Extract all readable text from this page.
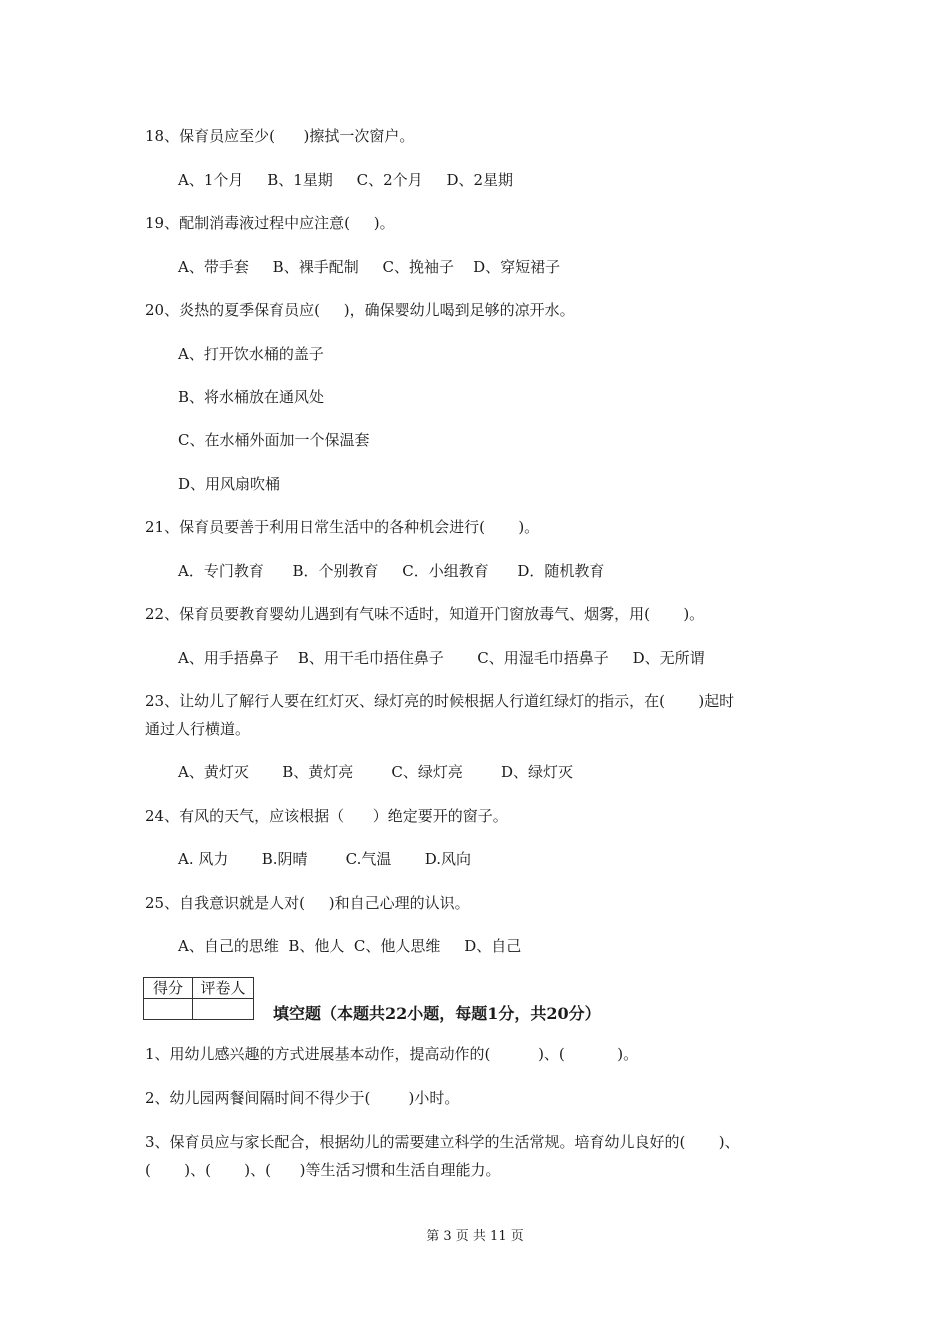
18、保育员应至少(      )擦拭一次窗户。
A、1个月     B、1星期     C、2个月     D、2星期
19、配制消毒液过程中应注意(     )。
A、带手套     B、裸手配制     C、挽袖子    D、穿短裙子
20、炎热的夏季保育员应(     )，确保婴幼儿喝到足够的凉开水。
A、打开饮水桶的盖子
B、将水桶放在通风处
C、在水桶外面加一个保温套
D、用风扇吹桶
21、保育员要善于利用日常生活中的各种机会进行(       )。
A．专门教育      B．个别教育     C．小组教育      D．随机教育
22、保育员要教育婴幼儿遇到有气味不适时，知道开门窗放毒气、烟雾，用(       )。
A、用手捂鼻子    B、用干毛巾捂住鼻子       C、用湿毛巾捂鼻子     D、无所谓
23、让幼儿了解行人要在红灯灭、绿灯亮的时候根据人行道红绿灯的指示，在(       )起时
通过人行横道。
A、黄灯灭       B、黄灯亮        C、绿灯亮        D、绿灯灭
24、有风的天气，应该根据（      ）绝定要开的窗子。
A. 风力       B.阴晴        C.气温       D.风向
25、自我意识就是人对(     )和自己心理的认识。
A、自己的思维  B、他人  C、他人思维     D、自己
得分	评卷人

填空题（本题共22小题，每题1分，共20分）
1、用幼儿感兴趣的方式进展基本动作，提高动作的(          )、(           )。
2、幼儿园两餐间隔时间不得少于(        )小时。
3、保育员应与家长配合，根据幼儿的需要建立科学的生活常规。培育幼儿良好的(       )、
(       )、(       )、(      )等生活习惯和生活自理能力。
第 3 页 共 11 页
